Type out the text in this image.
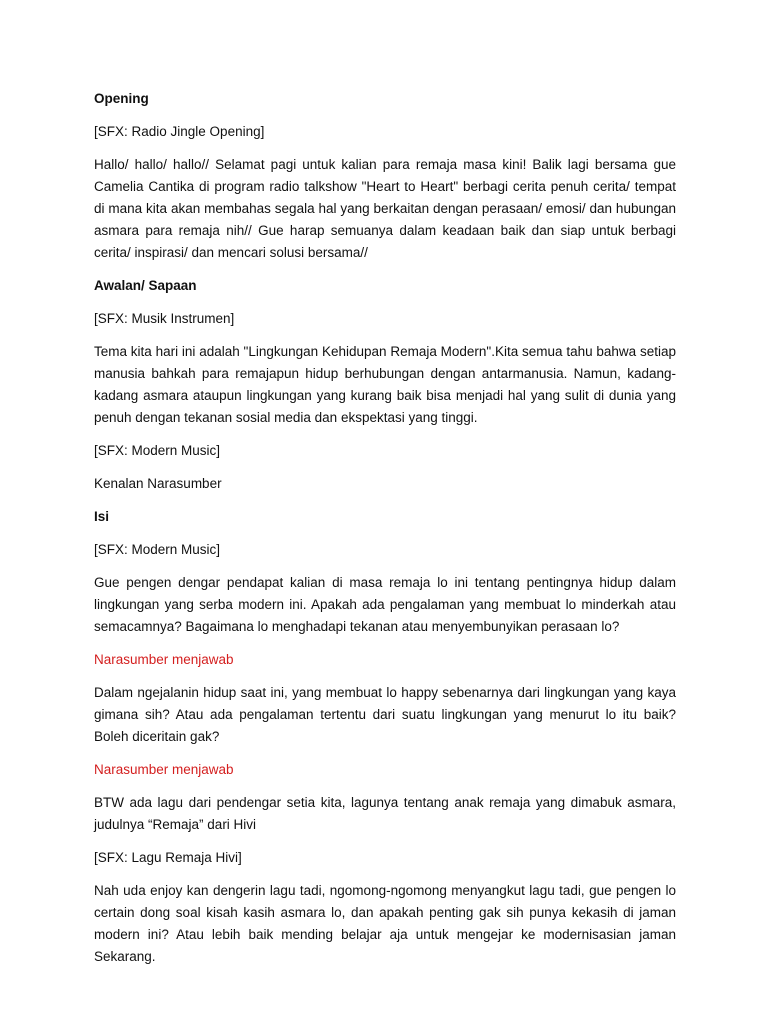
Opening

[SFX: Radio Jingle Opening]

Hallo/ hallo/ hallo// Selamat pagi untuk kalian para remaja masa kini! Balik lagi bersama gue Camelia Cantika di program radio talkshow "Heart to Heart" berbagi cerita penuh cerita/ tempat di mana kita akan membahas segala hal yang berkaitan dengan perasaan/ emosi/ dan hubungan asmara para remaja nih// Gue harap semuanya dalam keadaan baik dan siap untuk berbagi cerita/ inspirasi/ dan mencari solusi bersama//

Awalan/ Sapaan

[SFX: Musik Instrumen]

Tema kita hari ini adalah "Lingkungan Kehidupan Remaja Modern".Kita semua tahu bahwa setiap manusia bahkah para remajapun hidup berhubungan dengan antarmanusia. Namun, kadang-kadang asmara ataupun lingkungan yang kurang baik bisa menjadi hal yang sulit di dunia yang penuh dengan tekanan sosial media dan ekspektasi yang tinggi.

[SFX: Modern Music]

Kenalan Narasumber

Isi

[SFX: Modern Music]

Gue pengen dengar pendapat kalian di masa remaja lo ini tentang pentingnya hidup dalam lingkungan yang serba modern ini. Apakah ada pengalaman yang membuat lo minderkah atau semacamnya? Bagaimana lo menghadapi tekanan atau menyembunyikan perasaan lo?

Narasumber menjawab

Dalam ngejalanin hidup saat ini, yang membuat lo happy sebenarnya dari lingkungan yang kaya gimana sih? Atau ada pengalaman tertentu dari suatu lingkungan yang menurut lo itu baik? Boleh diceritain gak?

Narasumber menjawab

BTW ada lagu dari pendengar setia kita, lagunya tentang anak remaja yang dimabuk asmara, judulnya “Remaja” dari Hivi

[SFX: Lagu Remaja Hivi]

Nah uda enjoy kan dengerin lagu tadi, ngomong-ngomong menyangkut lagu tadi, gue pengen lo certain dong soal kisah kasih asmara lo, dan apakah penting gak sih punya kekasih di jaman modern ini? Atau lebih baik mending belajar aja untuk mengejar ke modernisasian jaman Sekarang.
